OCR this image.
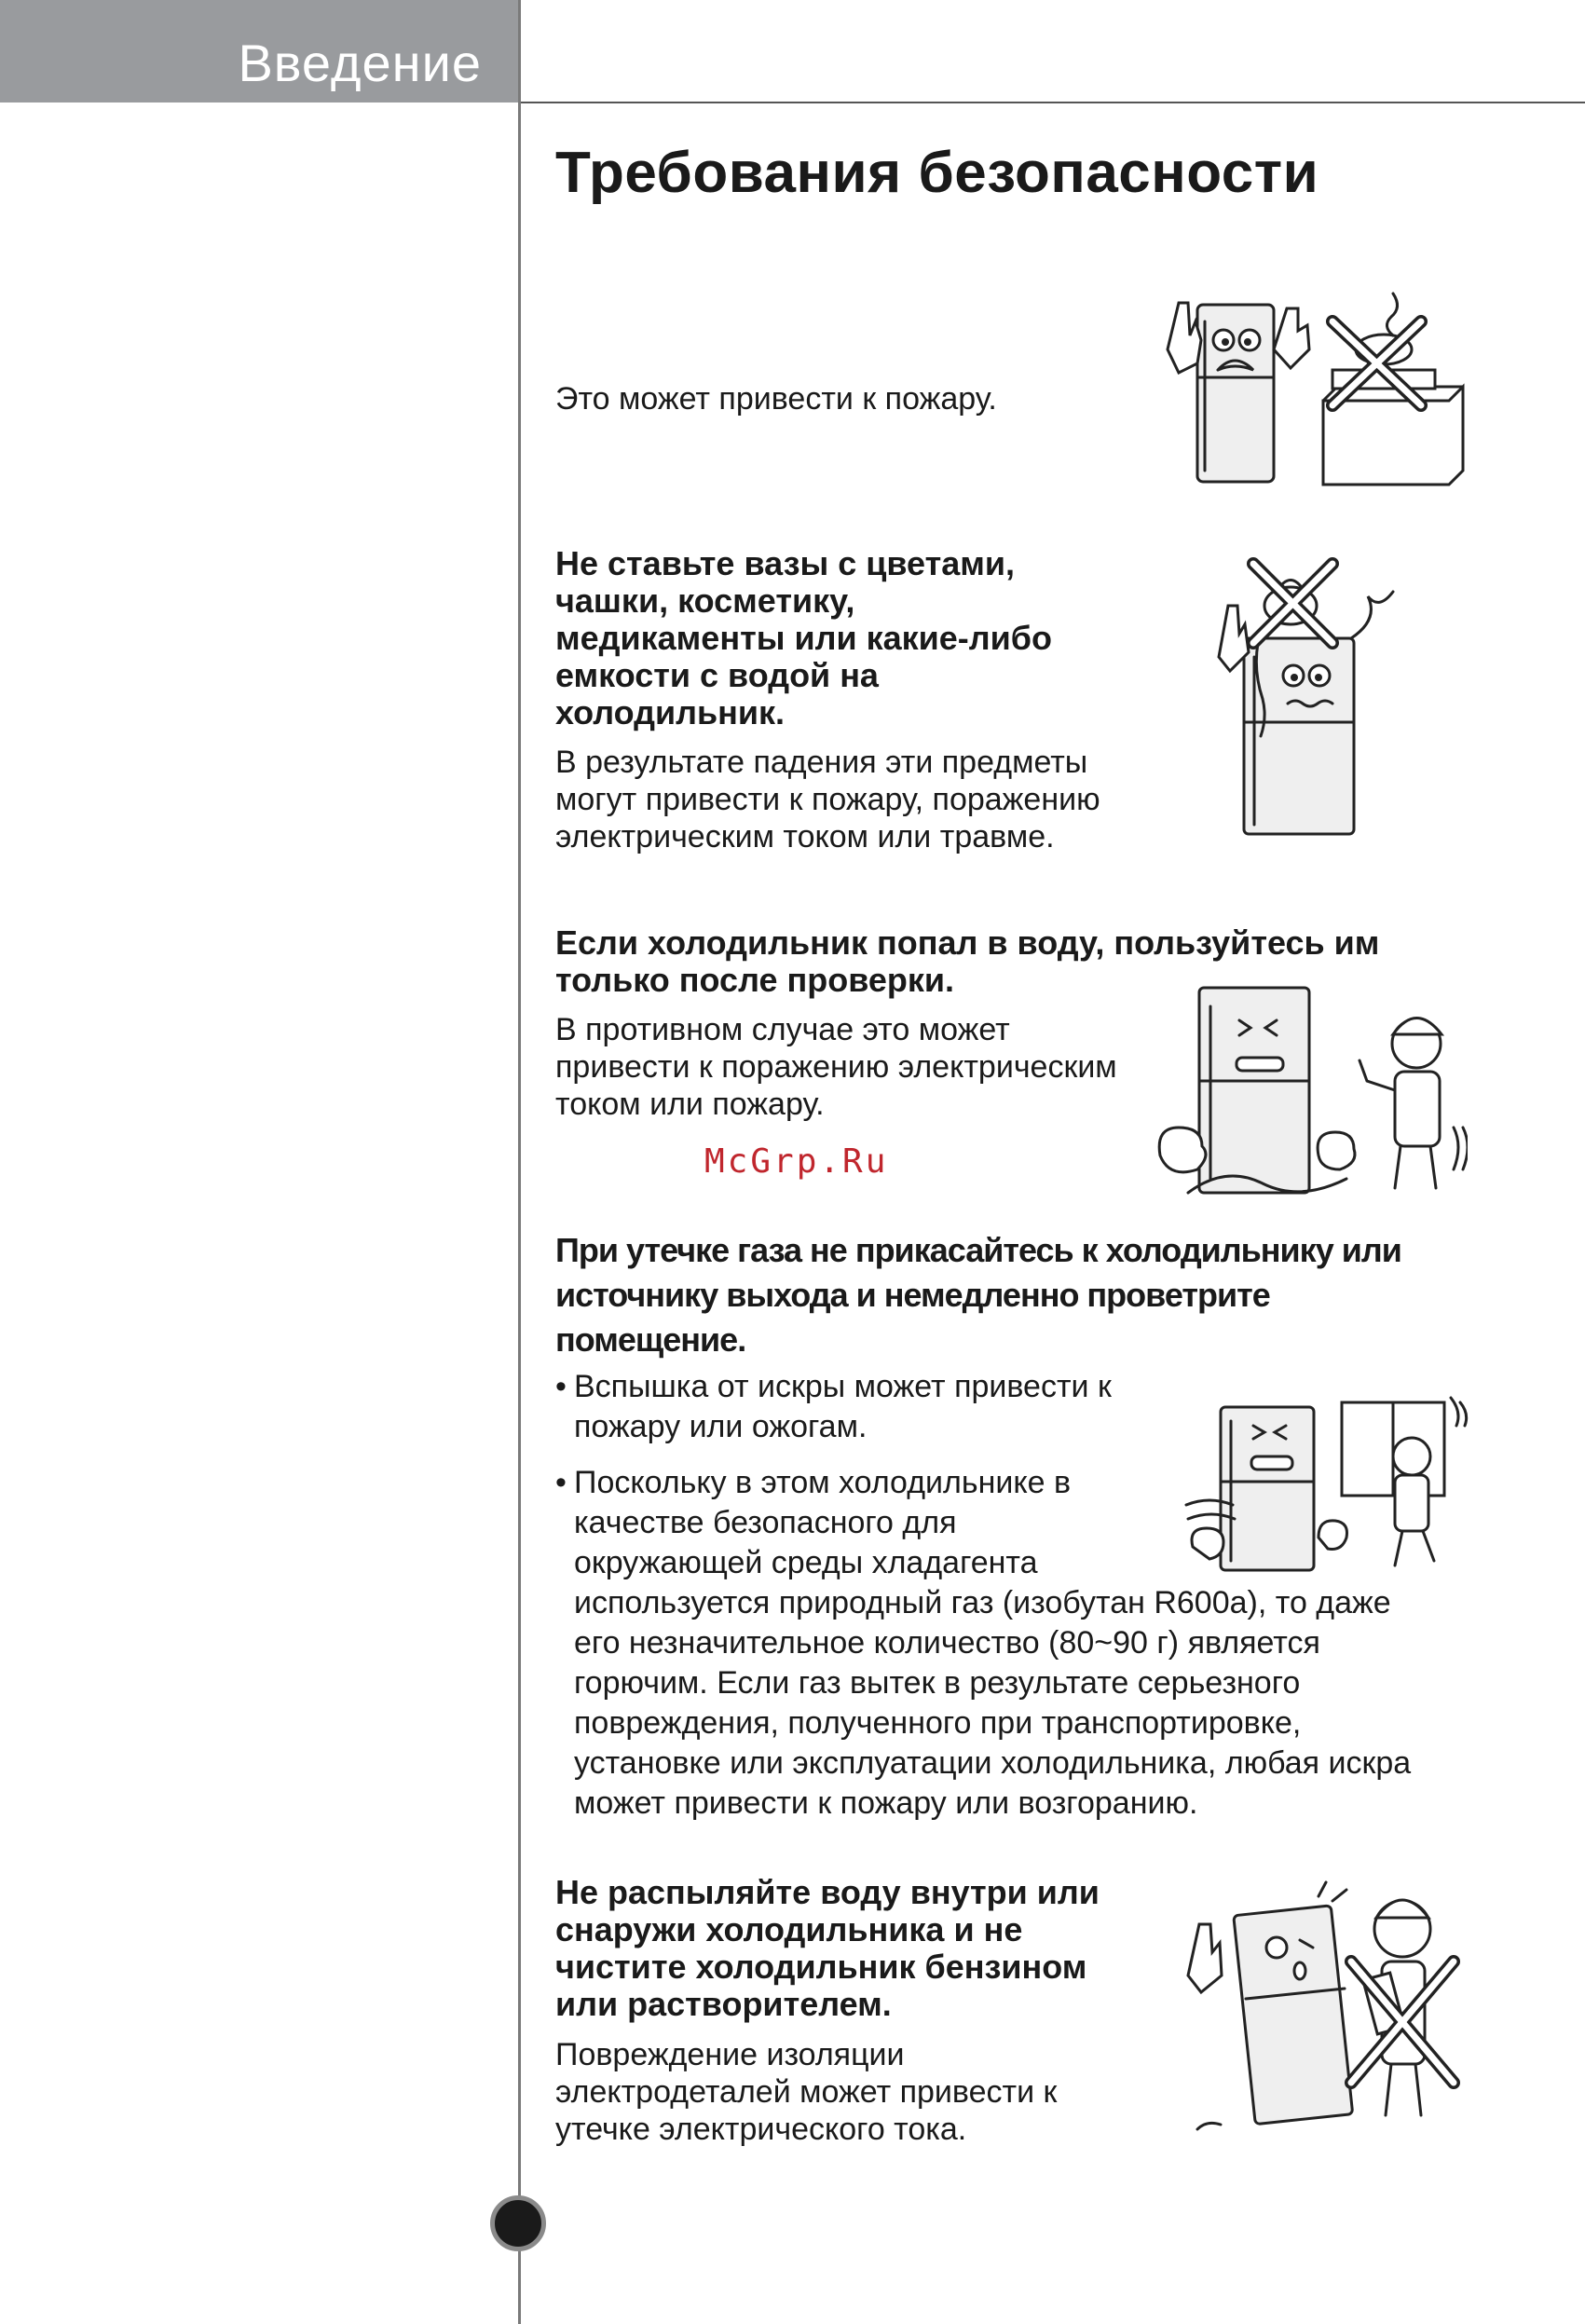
Введение
Требования безопасности
Это может привести к пожару.
Не ставьте вазы с цветами,
чашки, косметику,
медикаменты или какие-либо
емкости с водой на
холодильник.
В результате падения эти предметы
могут привести к пожару, поражению
электрическим током или травме.
Если холодильник попал в воду, пользуйтесь им
только после проверки.
В противном случае это может
привести к поражению электрическим
током или пожару.
McGrp.Ru
При утечке газа не прикасайтесь к холодильнику или
источнику выхода и немедленно проветрите
помещение.
• Вспышка от искры может привести к
пожару или ожогам.
• Поскольку в этом холодильнике в
качестве безопасного для
окружающей среды хладагента
используется природный газ (изобутан R600a), то даже
его незначительное количество (80~90 г) является
горючим. Если газ вытек в результате серьезного
повреждения, полученного при транспортировке,
установке или эксплуатации холодильника, любая искра
может привести к пожару или возгоранию.
Не распыляйте воду внутри или
снаружи холодильника и не
чистите холодильник бензином
или растворителем.
Повреждение изоляции
электродеталей может привести к
утечке электрического тока.
